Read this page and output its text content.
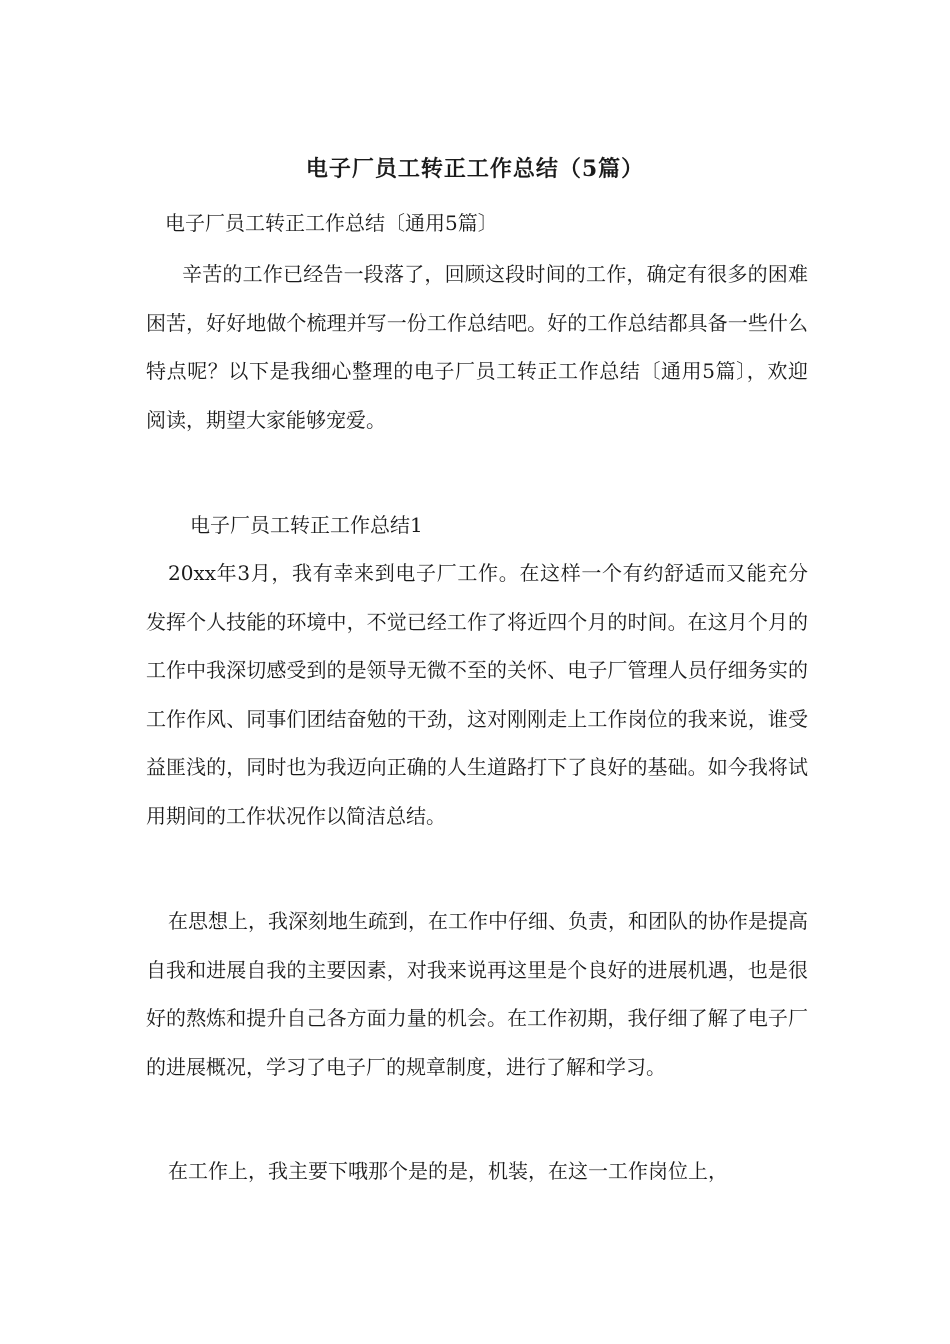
电子厂员工转正工作总结（5篇）
电子厂员工转正工作总结〔通用5篇〕

辛苦的工作已经告一段落了，回顾这段时间的工作，确定有很多的困难困苦，好好地做个梳理并写一份工作总结吧。好的工作总结都具备一些什么特点呢？以下是我细心整理的电子厂员工转正工作总结〔通用5篇〕，欢迎阅读，期望大家能够宠爱。

电子厂员工转正工作总结1

20xx年3月，我有幸来到电子厂工作。在这样一个有约舒适而又能充分发挥个人技能的环境中，不觉已经工作了将近四个月的时间。在这月个月的工作中我深切感受到的是领导无微不至的关怀、电子厂管理人员仔细务实的工作作风、同事们团结奋勉的干劲，这对刚刚走上工作岗位的我来说，谁受益匪浅的，同时也为我迈向正确的人生道路打下了良好的基础。如今我将试用期间的工作状况作以简洁总结。

在思想上，我深刻地生疏到，在工作中仔细、负责，和团队的协作是提高自我和进展自我的主要因素，对我来说再这里是个良好的进展机遇，也是很好的熬炼和提升自己各方面力量的机会。在工作初期，我仔细了解了电子厂的进展概况，学习了电子厂的规章制度，进行了解和学习。

在工作上，我主要下哦那个是的是，机装，在这一工作岗位上，
